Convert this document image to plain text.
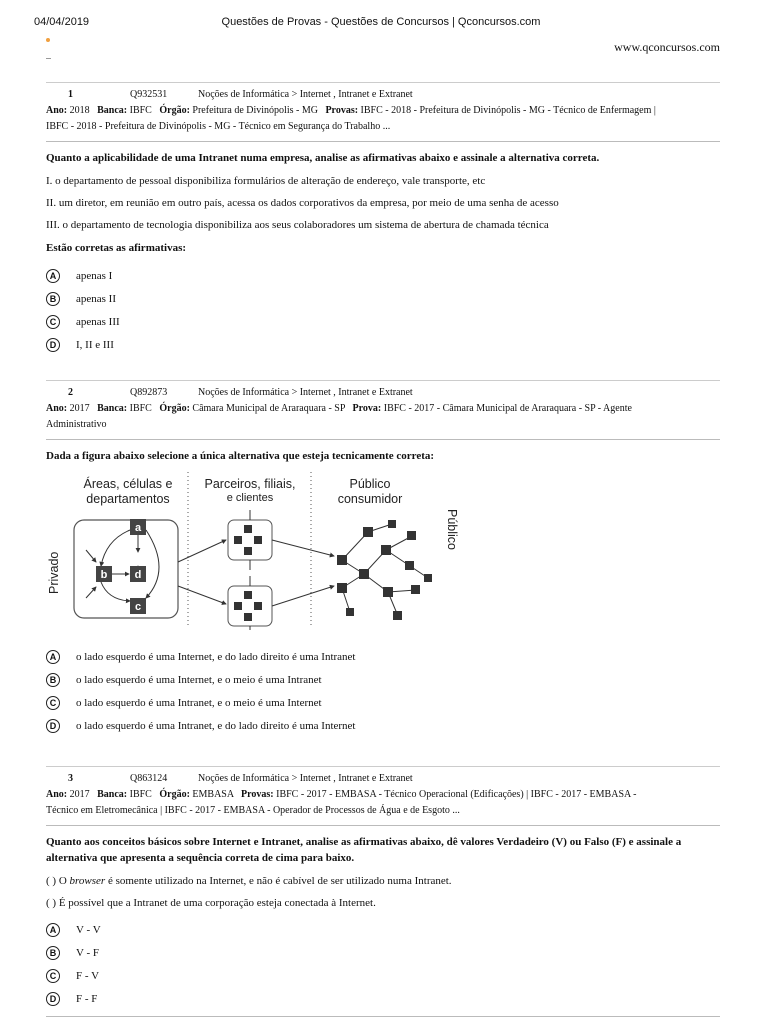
04/04/2019	Questões de Provas - Questões de Concursos | Qconcursos.com
www.qconcursos.com
1	Q932531	Noções de Informática > Internet , Intranet e Extranet
Ano: 2018 Banca: IBFC Órgão: Prefeitura de Divinópolis - MG Provas: IBFC - 2018 - Prefeitura de Divinópolis - MG - Técnico de Enfermagem |
IBFC - 2018 - Prefeitura de Divinópolis - MG - Técnico em Segurança do Trabalho ...
Quanto a aplicabilidade de uma Intranet numa empresa, analise as afirmativas abaixo e assinale a alternativa correta.
I. o departamento de pessoal disponibiliza formulários de alteração de endereço, vale transporte, etc
II. um diretor, em reunião em outro país, acessa os dados corporativos da empresa, por meio de uma senha de acesso
III. o departamento de tecnologia disponibiliza aos seus colaboradores um sistema de abertura de chamada técnica
Estão corretas as afirmativas:
A	apenas I
B	apenas II
C	apenas III
D	I, II e III
2	Q892873	Noções de Informática > Internet , Intranet e Extranet
Ano: 2017 Banca: IBFC Órgão: Câmara Municipal de Araraquara - SP Prova: IBFC - 2017 - Câmara Municipal de Araraquara - SP - Agente
Administrativo
Dada a figura abaixo selecione a única alternativa que esteja tecnicamente correta:
Áreas, células e
departamentos
Parceiros, filiais,
e clientes
Público
consumidor
Privado
Público
a
b d
c
A	o lado esquerdo é uma Internet, e do lado direito é uma Intranet
B	o lado esquerdo é uma Internet, e o meio é uma Intranet
C	o lado esquerdo é uma Intranet, e o meio é uma Internet
D	o lado esquerdo é uma Intranet, e do lado direito é uma Internet
3	Q863124	Noções de Informática > Internet , Intranet e Extranet
Ano: 2017 Banca: IBFC Órgão: EMBASA Provas: IBFC - 2017 - EMBASA - Técnico Operacional (Edificações) | IBFC - 2017 - EMBASA -
Técnico em Eletromecânica | IBFC - 2017 - EMBASA - Operador de Processos de Água e de Esgoto ...
Quanto aos conceitos básicos sobre Internet e Intranet, analise as afirmativas abaixo, dê valores Verdadeiro (V) ou Falso (F) e assinale a alternativa que apresenta a sequência correta de cima para baixo.
( ) O browser é somente utilizado na Internet, e não é cabível de ser utilizado numa Intranet.
( ) É possível que a Intranet de uma corporação esteja conectada à Internet.
A	V - V
B	V - F
C	F - V
D	F - F
